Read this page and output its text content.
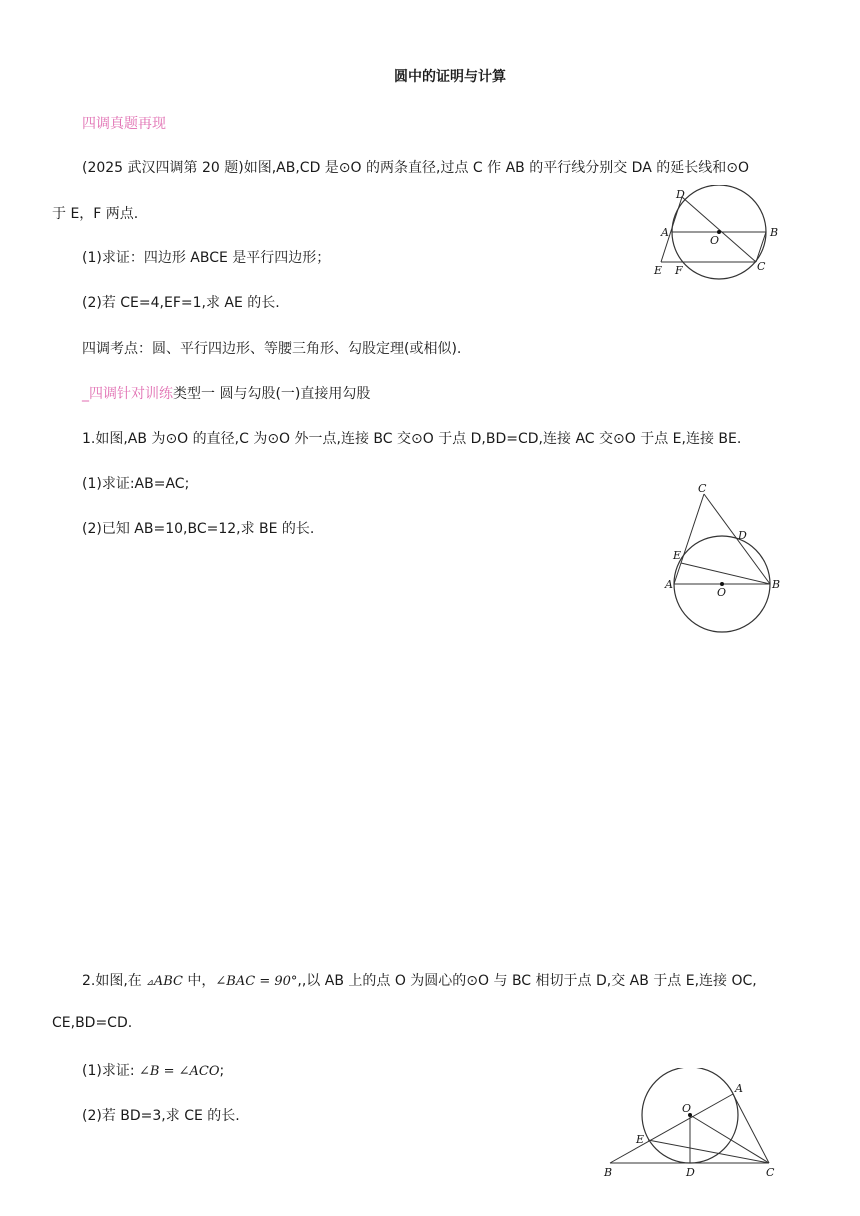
圆中的证明与计算
四调真题再现
(2025 武汉四调第 20 题)如图,AB,CD 是⊙O 的两条直径,过点 C 作 AB 的平行线分别交 DA 的延长线和⊙O
于 E，F 两点.
(1)求证：四边形 ABCE 是平行四边形；
(2)若 CE=4,EF=1,求 AE 的长.
四调考点：圆、平行四边形、等腰三角形、勾股定理(或相似).
_四调针对训练类型一 圆与勾股(一)直接用勾股
1.如图,AB 为⊙O 的直径,C 为⊙O 外一点,连接 BC 交⊙O 于点 D,BD=CD,连接 AC 交⊙O 于点 E,连接 BE.
(1)求证:AB=AC;
(2)已知 AB=10,BC=12,求 BE 的长.
2.如图,在 ⊿ABC 中，∠BAC = 90°,,以 AB 上的点 O 为圆心的⊙O 与 BC 相切于点 D,交 AB 于点 E,连接 OC,
CE,BD=CD.
(1)求证: ∠B = ∠ACO;
(2)若 BD=3,求 CE 的长.
D
A
O
B
E F	C
C
D
E
A
O
B
A
O
E
B	D	C
